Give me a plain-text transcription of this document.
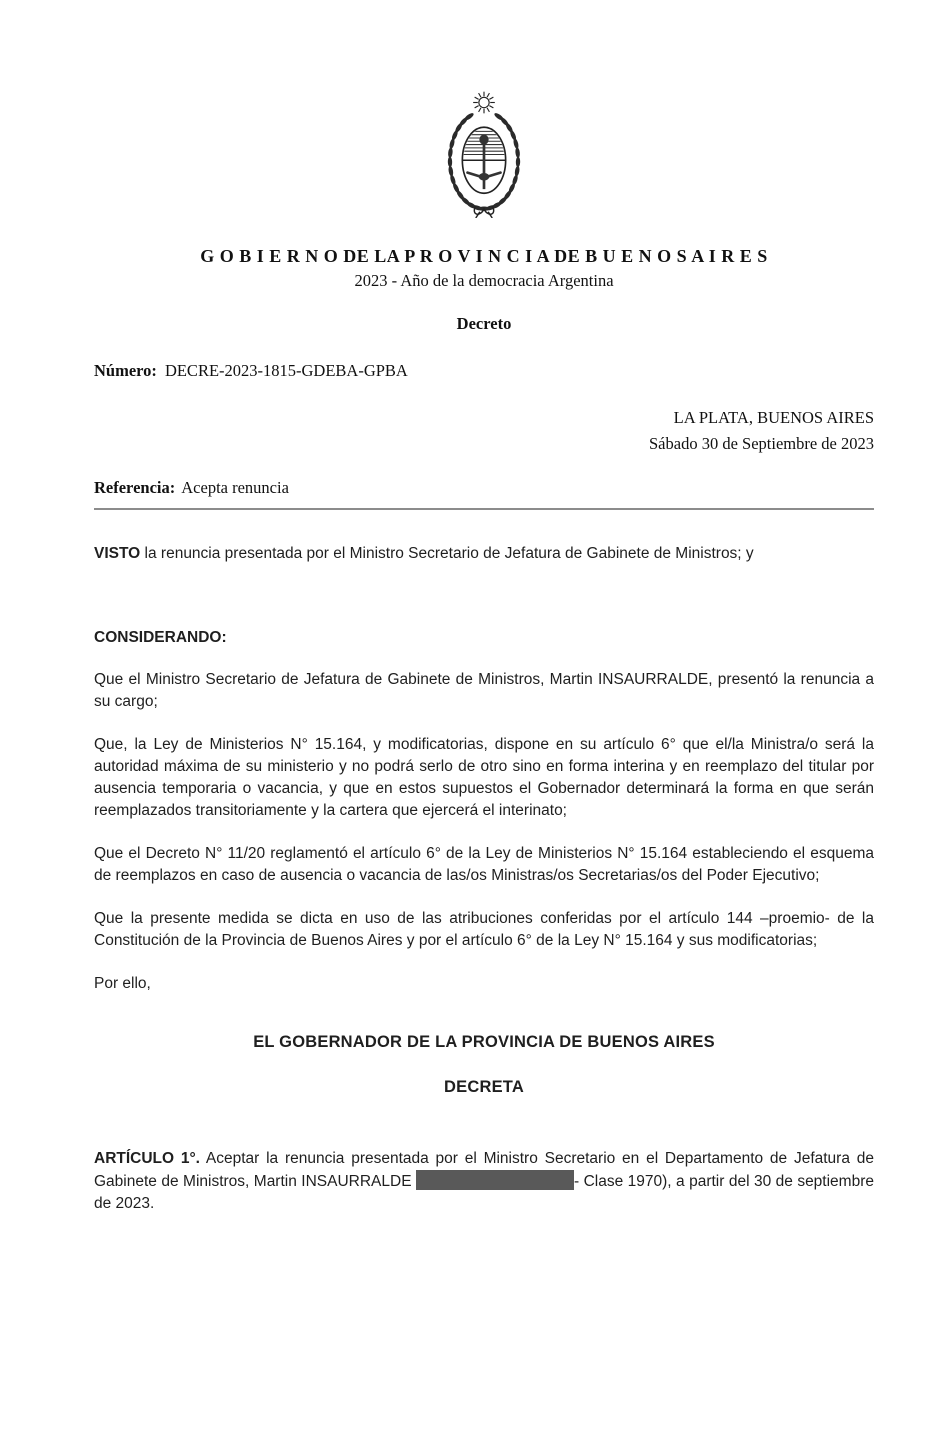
G O B I E R N O DE LA P R O V I N C I A DE B U E N O S A I R E S
2023 - Año de la democracia Argentina
Decreto
Número: DECRE-2023-1815-GDEBA-GPBA
LA PLATA, BUENOS AIRES
Sábado 30 de Septiembre de 2023
Referencia: Acepta renuncia

VISTO la renuncia presentada por el Ministro Secretario de Jefatura de Gabinete de Ministros; y

CONSIDERANDO:

Que el Ministro Secretario de Jefatura de Gabinete de Ministros, Martin INSAURRALDE, presentó la renuncia a su cargo;

Que, la Ley de Ministerios N° 15.164, y modificatorias, dispone en su artículo 6° que el/la Ministra/o será la autoridad máxima de su ministerio y no podrá serlo de otro sino en forma interina y en reemplazo del titular por ausencia temporaria o vacancia, y que en estos supuestos el Gobernador determinará la forma en que serán reemplazados transitoriamente y la cartera que ejercerá el interinato;

Que el Decreto N° 11/20 reglamentó el artículo 6° de la Ley de Ministerios N° 15.164 estableciendo el esquema de reemplazos en caso de ausencia o vacancia de las/os Ministras/os Secretarias/os del Poder Ejecutivo;

Que la presente medida se dicta en uso de las atribuciones conferidas por el artículo 144 –proemio- de la Constitución de la Provincia de Buenos Aires y por el artículo 6° de la Ley N° 15.164 y sus modificatorias;

Por ello,

EL GOBERNADOR DE LA PROVINCIA DE BUENOS AIRES

DECRETA

ARTÍCULO 1°. Aceptar la renuncia presentada por el Ministro Secretario en el Departamento de Jefatura de Gabinete de Ministros, Martin INSAURRALDE	- Clase 1970), a partir del 30 de septiembre de 2023.
